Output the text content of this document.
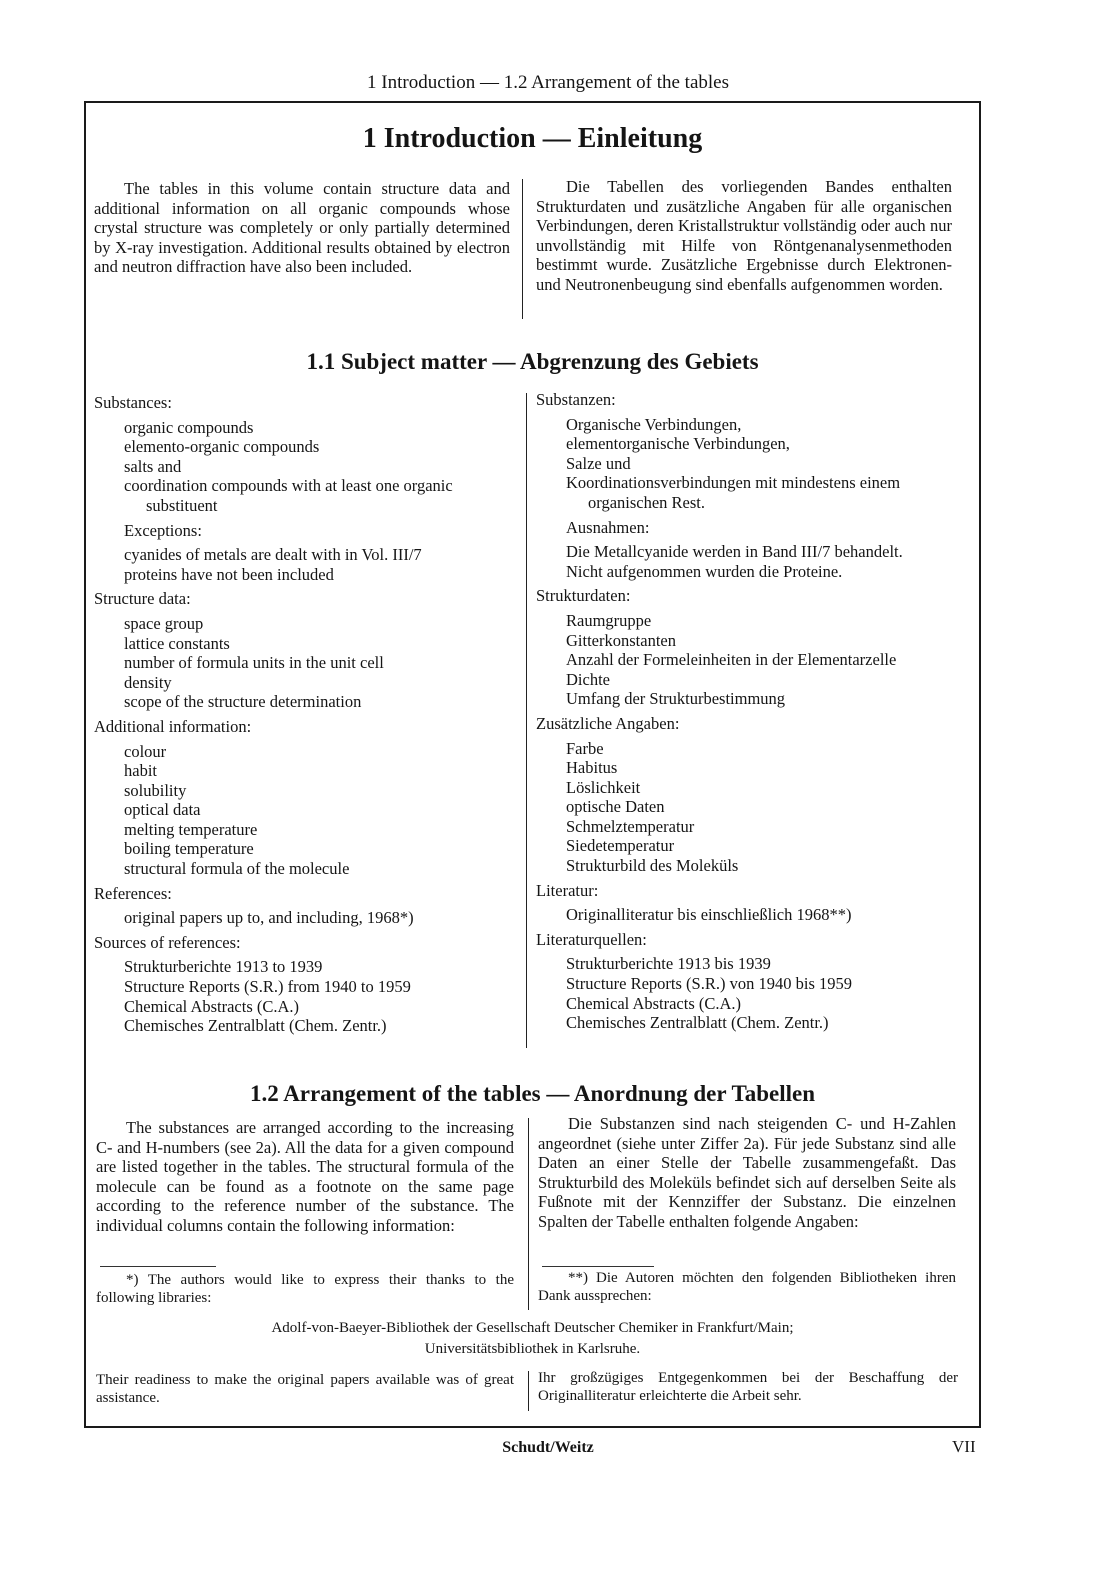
1 Introduction — 1.2 Arrangement of the tables
1 Introduction — Einleitung
The tables in this volume contain structure data and additional information on all organic compounds whose crystal structure was completely or only partially determined by X-ray investigation. Additional results obtained by electron and neutron diffraction have also been included.
Die Tabellen des vorliegenden Bandes enthalten Strukturdaten und zusätzliche Angaben für alle organischen Verbindungen, deren Kristallstruktur vollständig oder auch nur unvollständig mit Hilfe von Röntgenanalysenmethoden bestimmt wurde. Zusätzliche Ergebnisse durch Elektronen- und Neutronenbeugung sind ebenfalls aufgenommen worden.
1.1 Subject matter — Abgrenzung des Gebiets
Substances:
organic compounds
elemento-organic compounds
salts and
coordination compounds with at least one organic
substituent
Exceptions:
cyanides of metals are dealt with in Vol. III/7
proteins have not been included
Structure data:
space group
lattice constants
number of formula units in the unit cell
density
scope of the structure determination
Additional information:
colour
habit
solubility
optical data
melting temperature
boiling temperature
structural formula of the molecule
References:
original papers up to, and including, 1968*)
Sources of references:
Strukturberichte 1913 to 1939
Structure Reports (S.R.) from 1940 to 1959
Chemical Abstracts (C.A.)
Chemisches Zentralblatt (Chem. Zentr.)
Substanzen:
Organische Verbindungen,
elementorganische Verbindungen,
Salze und
Koordinationsverbindungen mit mindestens einem
organischen Rest.
Ausnahmen:
Die Metallcyanide werden in Band III/7 behandelt.
Nicht aufgenommen wurden die Proteine.
Strukturdaten:
Raumgruppe
Gitterkonstanten
Anzahl der Formeleinheiten in der Elementarzelle
Dichte
Umfang der Strukturbestimmung
Zusätzliche Angaben:
Farbe
Habitus
Löslichkeit
optische Daten
Schmelztemperatur
Siedetemperatur
Strukturbild des Moleküls
Literatur:
Originalliteratur bis einschließlich 1968**)
Literaturquellen:
Strukturberichte 1913 bis 1939
Structure Reports (S.R.) von 1940 bis 1959
Chemical Abstracts (C.A.)
Chemisches Zentralblatt (Chem. Zentr.)
1.2 Arrangement of the tables — Anordnung der Tabellen
The substances are arranged according to the increasing C- and H-numbers (see 2a). All the data for a given compound are listed together in the tables. The structural formula of the molecule can be found as a footnote on the same page according to the reference number of the substance. The individual columns contain the following information:
Die Substanzen sind nach steigenden C- und H-Zahlen angeordnet (siehe unter Ziffer 2a). Für jede Substanz sind alle Daten an einer Stelle der Tabelle zusammengefaßt. Das Strukturbild des Moleküls befindet sich auf derselben Seite als Fußnote mit der Kennziffer der Substanz. Die einzelnen Spalten der Tabelle enthalten folgende Angaben:
*) The authors would like to express their thanks to the following libraries:
**) Die Autoren möchten den folgenden Bibliotheken ihren Dank aussprechen:
Adolf-von-Baeyer-Bibliothek der Gesellschaft Deutscher Chemiker in Frankfurt/Main;
Universitätsbibliothek in Karlsruhe.
Their readiness to make the original papers available was of great assistance.
Ihr großzügiges Entgegenkommen bei der Beschaffung der Originalliteratur erleichterte die Arbeit sehr.
Schudt/Weitz	VII
